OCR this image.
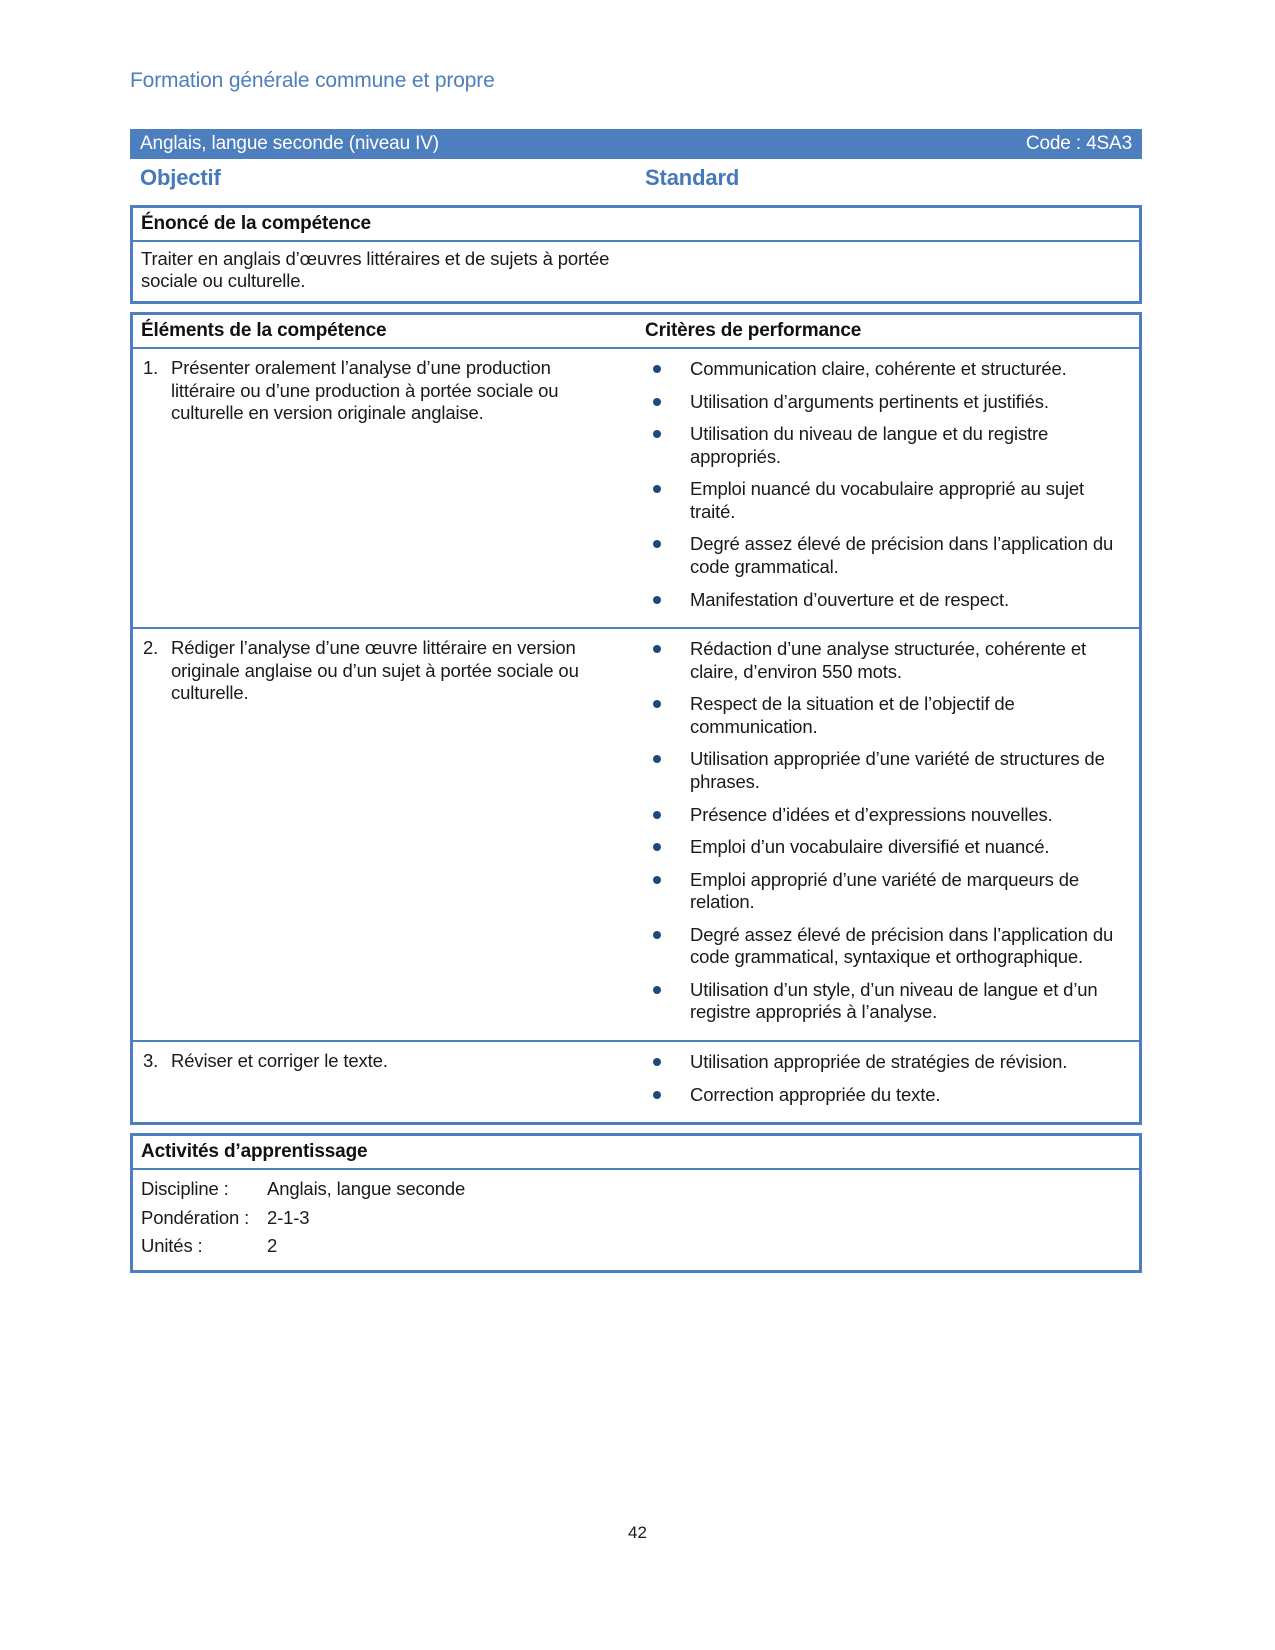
Formation générale commune et propre
Anglais, langue seconde (niveau IV)	Code : 4SA3
Objectif	Standard
Énoncé de la compétence
Traiter en anglais d’œuvres littéraires et de sujets à portée sociale ou culturelle.
Éléments de la compétence	Critères de performance
1. Présenter oralement l’analyse d’une production littéraire ou d’une production à portée sociale ou culturelle en version originale anglaise.
Communication claire, cohérente et structurée.
Utilisation d’arguments pertinents et justifiés.
Utilisation du niveau de langue et du registre appropriés.
Emploi nuancé du vocabulaire approprié au sujet traité.
Degré assez élevé de précision dans l’application du code grammatical.
Manifestation d’ouverture et de respect.
2. Rédiger l’analyse d’une œuvre littéraire en version originale anglaise ou d’un sujet à portée sociale ou culturelle.
Rédaction d’une analyse structurée, cohérente et claire, d’environ 550 mots.
Respect de la situation et de l’objectif de communication.
Utilisation appropriée d’une variété de structures de phrases.
Présence d’idées et d’expressions nouvelles.
Emploi d’un vocabulaire diversifié et nuancé.
Emploi approprié d’une variété de marqueurs de relation.
Degré assez élevé de précision dans l’application du code grammatical, syntaxique et orthographique.
Utilisation d’un style, d’un niveau de langue et d’un registre appropriés à l’analyse.
3. Réviser et corriger le texte.	Utilisation appropriée de stratégies de révision.
Correction appropriée du texte.
Activités d’apprentissage
Discipline :	Anglais, langue seconde
Pondération : 2-1-3
Unités :	2
42
